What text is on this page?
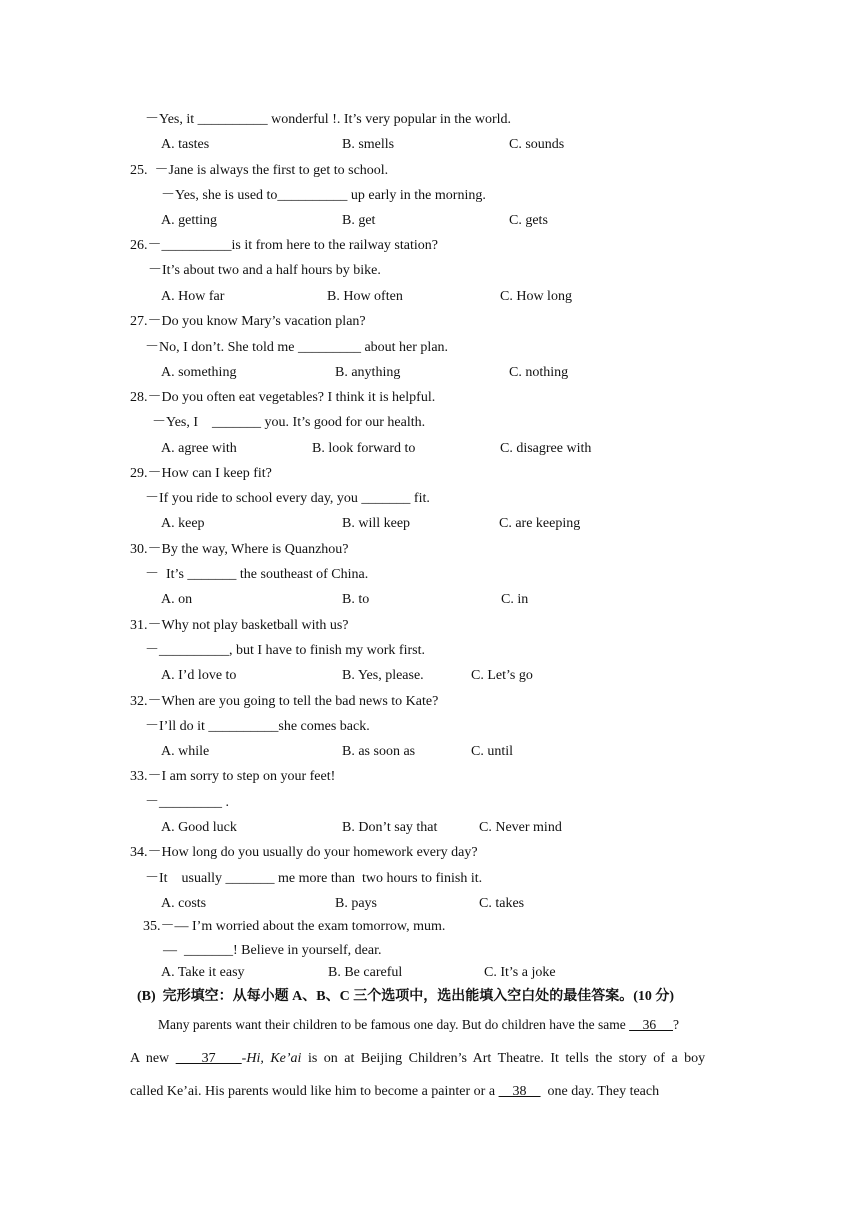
－Yes, it __________ wonderful !. It’s very popular in the world.
A. tastes	B. smells	C. sounds
25.  －Jane is always the first to get to school.
－Yes, she is used to__________ up early in the morning.
A. getting	B. get	C. gets
26.－__________is it from here to the railway station?
－It’s about two and a half hours by bike.
A. How far	B. How often	C. How long
27.－Do you know Mary’s vacation plan?
－No, I don’t. She told me _________ about her plan.
A. something	B. anything	C. nothing
28.－Do you often eat vegetables? I think it is helpful.
－Yes, I    _______ you. It’s good for our health.
A. agree with	B. look forward to	C. disagree with
29.－How can I keep fit?
－If you ride to school every day, you _______ fit.
A. keep	B. will keep	C. are keeping
30.－By the way, Where is Quanzhou?
－  It’s _______ the southeast of China.
A. on	B. to	C. in
31.－Why not play basketball with us?
－__________, but I have to finish my work first.
A. I’d love to	B. Yes, please.	C. Let’s go
32.－When are you going to tell the bad news to Kate?
－I’ll do it __________she comes back.
A. while	B. as soon as	C. until
33.－I am sorry to step on your feet!
－_________ .
A. Good luck	B. Don’t say that	C. Never mind
34.－How long do you usually do your homework every day?
－It    usually _______ me more than  two hours to finish it.
A. costs	B. pays	C. takes
35.－— I’m worried about the exam tomorrow, mum.
—  _______! Believe in yourself, dear.
A. Take it easy	B. Be careful	C. It’s a joke
(B)  完形填空：从每小题 A、B、C 三个选项中，选出能填入空白处的最佳答案。(10 分)
Many parents want their children to be famous one day. But do children have the same     36     ?
A new     37    -Hi, Ke’ai is on at Beijing Children’s Art Theatre. It tells the story of a boy
called Ke’ai. His parents would like him to become a painter or a     38      one day. They teach
